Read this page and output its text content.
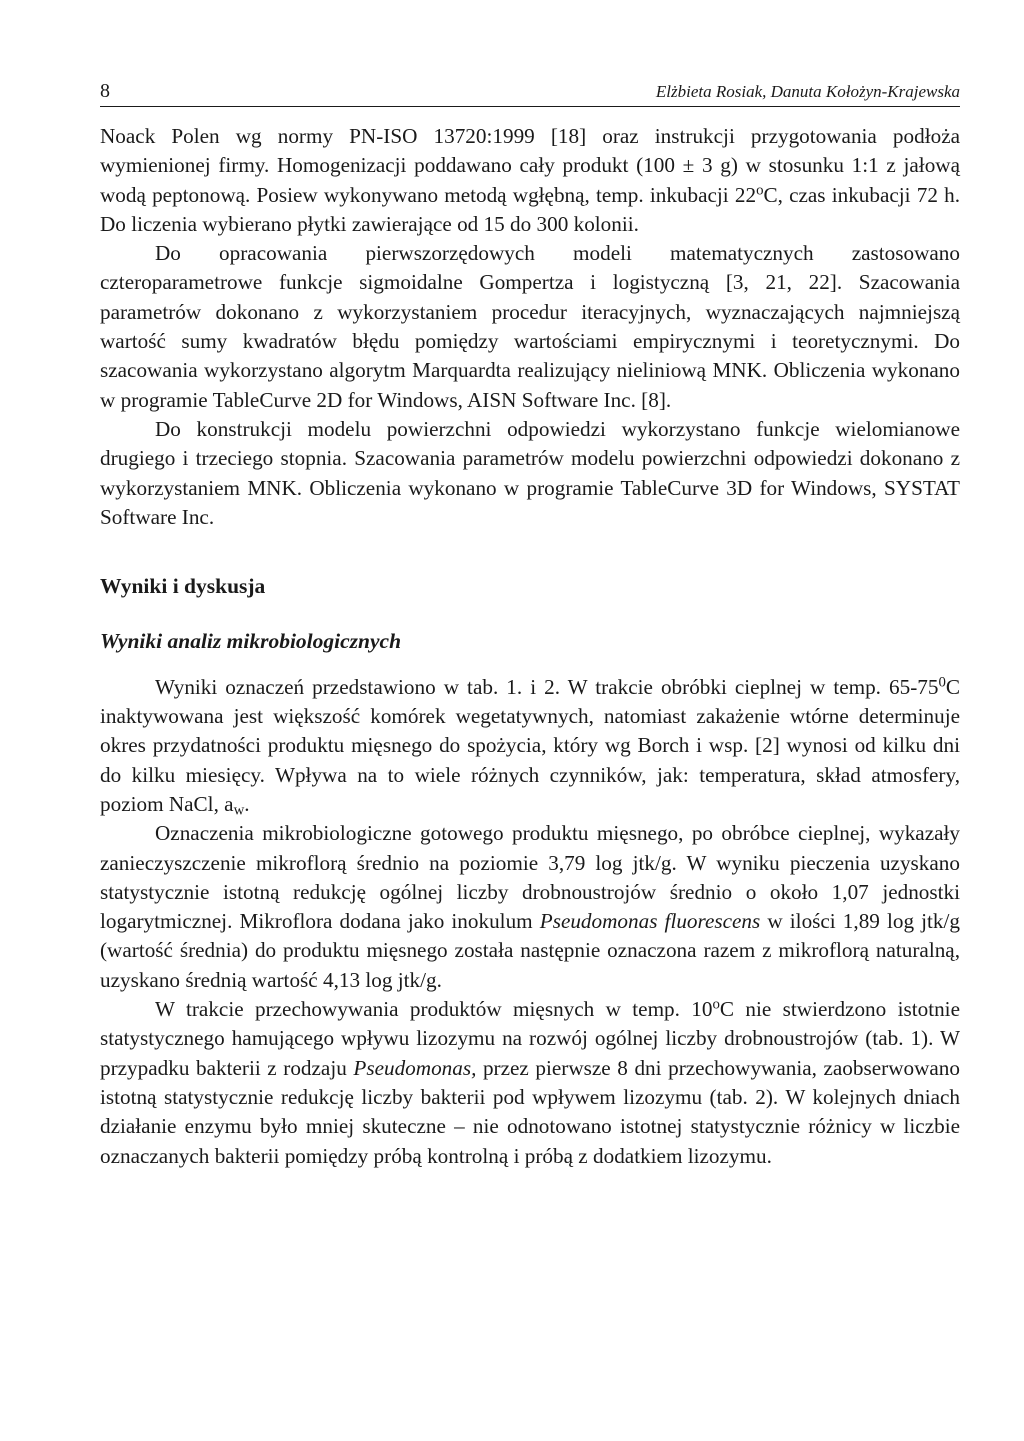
8	Elżbieta Rosiak, Danuta Kołożyn-Krajewska

Noack Polen wg normy PN-ISO 13720:1999 [18] oraz instrukcji przygotowania podłoża wymienionej firmy. Homogenizacji poddawano cały produkt (100 ± 3 g) w stosunku 1:1 z jałową wodą peptonową. Posiew wykonywano metodą wgłębną, temp. inkubacji 22$^o$C, czas inkubacji 72 h. Do liczenia wybierano płytki zawierające od 15 do 300 kolonii.

Do opracowania pierwszorzędowych modeli matematycznych zastosowano czteroparametrowe funkcje sigmoidalne Gompertza i logistyczną [3, 21, 22]. Szacowania parametrów dokonano z wykorzystaniem procedur iteracyjnych, wyznaczających najmniejszą wartość sumy kwadratów błędu pomiędzy wartościami empirycznymi i teoretycznymi. Do szacowania wykorzystano algorytm Marquardta realizujący nieliniową MNK. Obliczenia wykonano w programie TableCurve 2D for Windows, AISN Software Inc. [8].

Do konstrukcji modelu powierzchni odpowiedzi wykorzystano funkcje wielomianowe drugiego i trzeciego stopnia. Szacowania parametrów modelu powierzchni odpowiedzi dokonano z wykorzystaniem MNK. Obliczenia wykonano w programie TableCurve 3D for Windows, SYSTAT Software Inc.

Wyniki i dyskusja

Wyniki analiz mikrobiologicznych

Wyniki oznaczeń przedstawiono w tab. 1. i 2. W trakcie obróbki cieplnej w temp. $65-75^0C$ inaktywowana jest większość komórek wegetatywnych, natomiast zakażenie wtórne determinuje okres przydatności produktu mięsnego do spożycia, który wg Borch i wsp. [2] wynosi od kilku dni do kilku miesięcy. Wpływa na to wiele różnych czynników, jak: temperatura, skład atmosfery, poziom NaCl, $a_w$.

Oznaczenia mikrobiologiczne gotowego produktu mięsnego, po obróbce cieplnej, wykazały zanieczyszczenie mikroflorą średnio na poziomie 3,79 log jtk/g. W wyniku pieczenia uzyskano statystycznie istotną redukcję ogólnej liczby drobnoustrojów średnio o około 1,07 jednostki logarytmicznej. Mikroflora dodana jako inokulum Pseudomonas fluorescens w ilości 1,89 log jtk/g (wartość średnia) do produktu mięsnego została następnie oznaczona razem z mikroflorą naturalną, uzyskano średnią wartość 4,13 log jtk/g.

W trakcie przechowywania produktów mięsnych w temp. 10$^o$C nie stwierdzono istotnie statystycznego hamującego wpływu lizozymu na rozwój ogólnej liczby drobnoustrojów (tab. 1). W przypadku bakterii z rodzaju Pseudomonas, przez pierwsze 8 dni przechowywania, zaobserwowano istotną statystycznie redukcję liczby bakterii pod wpływem lizozymu (tab. 2). W kolejnych dniach działanie enzymu było mniej skuteczne – nie odnotowano istotnej statystycznie różnicy w liczbie oznaczanych bakterii pomiędzy próbą kontrolną i próbą z dodatkiem lizozymu.
